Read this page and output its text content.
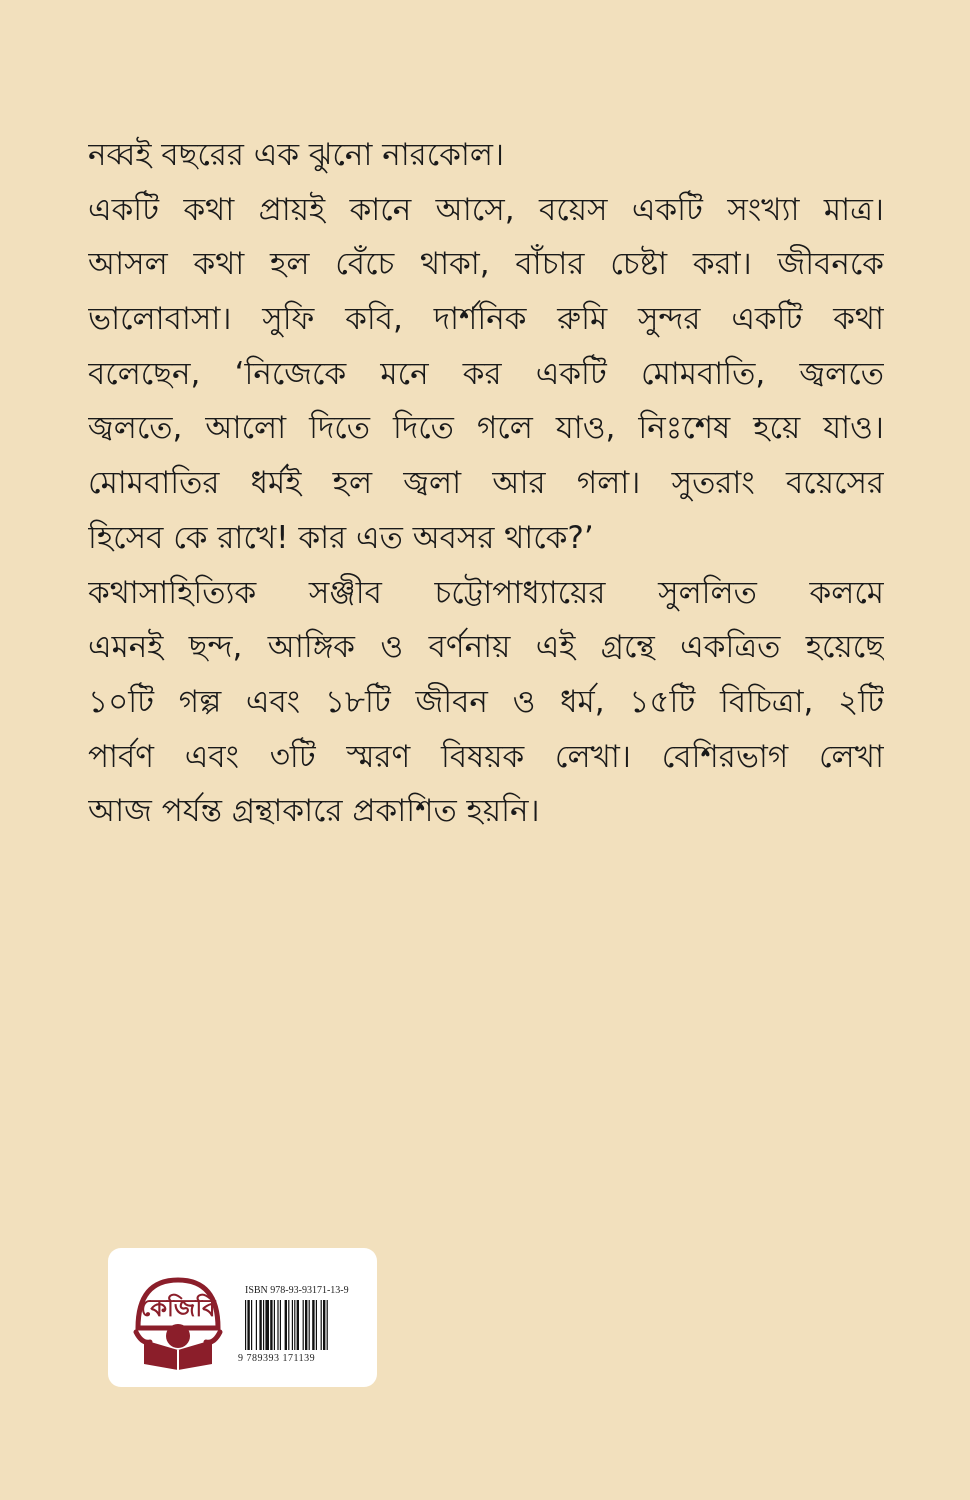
নব্বই বছরের এক ঝুনো নারকোল।
একটি কথা প্রায়ই কানে আসে, বয়েস একটি সংখ্যা মাত্র।
আসল কথা হল বেঁচে থাকা, বাঁচার চেষ্টা করা। জীবনকে
ভালোবাসা। সুফি কবি, দার্শনিক রুমি সুন্দর একটি কথা
বলেছেন, ‘নিজেকে মনে কর একটি মোমবাতি, জ্বলতে
জ্বলতে, আলো দিতে দিতে গলে যাও, নিঃশেষ হয়ে যাও।
মোমবাতির ধর্মই হল জ্বলা আর গলা। সুতরাং বয়েসের
হিসেব কে রাখে! কার এত অবসর থাকে?’
কথাসাহিত্যিক সঞ্জীব চট্টোপাধ্যায়ের সুললিত কলমে
এমনই ছন্দ, আঙ্গিক ও বর্ণনায় এই গ্রন্থে একত্রিত হয়েছে
১০টি গল্প এবং ১৮টি জীবন ও ধর্ম, ১৫টি বিচিত্রা, ২টি
পার্বণ এবং ৩টি স্মরণ বিষয়ক লেখা। বেশিরভাগ লেখা
আজ পর্যন্ত গ্রন্থাকারে প্রকাশিত হয়নি।
কেজিবি
ISBN 978-93-93171-13-9
9 789393 171139
